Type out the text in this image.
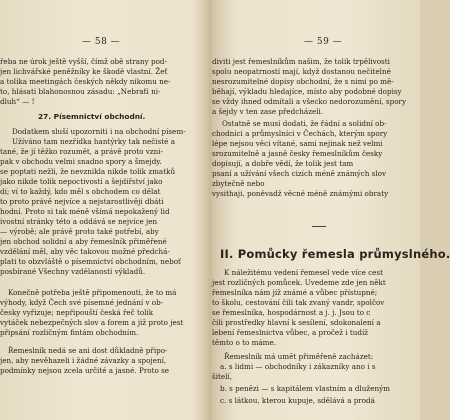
— 58 —
řeba ne úrok ještě vyšší, čímž obě strany pod-
jen lichvářské peněžníky ke škodě vlastní. Žeť
a tolika meetingách českých někdy nikomu ne-
to, hlásati blahonosnou zásadu: „Nebraťi ni-
dluh“ — !
27. Písemnictví obchodní.
Dodatkem sluší upozorniti i na obchodní písem-
Užíváno tam nezřídka hantýrky tak nečisté a
tané, že jí těžko rozumět, a právě proto vzni-
pak v obchodu velmi snadno spory a šmejdy.
se poptati nežli, že nevznikla nikde tolik zmatků
jako nikde tolik nepoctivostí a šejdířství jako
dí; ví to každý, kdo měl s obchodem co dělat
to proto právě nejvíce a nejstarostlivěji dbáti
hodní. Proto si tak méně všímá nepokažený lid
ivostní stránky této a oddává se nejvíce jen
— výrobě; ale právě proto také potřebí, aby
jen obchod solidní a aby řemeslník přiměřené
vzdělání měl, aby věc takovou možné předchá-
plati to obzvláště o písemnictví obchodním, neboť
posbírané Všechny vzdělaností výkladů.
Konečně potřeba ještě připomenouti, že to má
výhody, když Čech své písemné jednání v ob-
česky vyřizuje; nepřipouští česká řeč tolik
vytáček nebezpečných slov a forem a již proto jest
připsání rozličným fintám obchodním.
Řemeslník nedá se ani dost důkladně připo-
jen, aby nevěhazeli i žádné závazky a spojení,
podmínky nejsou zcela určité a jasné. Proto se
— 59 —
diviti jest řemeslníkům našim, že tolik trpělivosti
spolu neopatrností mají, když dostanou nečitelné
nesrozumitelné dopisy obchodní, že s nimi po mě-
běhají, výkladu hledajíce, místo aby podobné dopisy
se vždy ihned odmítali a všecko nedorozumění, spory
a šejdy v ten zase předcházeli.
Ostatně se musí dodati, že řádní a solidní ob-
chodníci a průmyslníci v Čechách, kterým spory
lépe nejsou věci vítané, sami nejinak než velmi
srozumitelně a jasně česky řemeslníkům česky
dopisují, a dobře vědí, že tolik jest tam
psaní a užívání všech cizích méně známých slov
zbytečně nebo
vysithaji, poněvadž věcné méně známými obraty
II. Pomůcky řemesla průmyslného.
K náležitému vedení řemesel vede více cest
jest rozličných pomůcek. Uvedeme zde jen někt
řemeslníka nám jíž známé a vůbec přístupné;
to školu, cestování čili tak zvaný vandr, spolčov
se řemeslníka, hospodárnost a j. j. Jsou to c
čili prostředky hlavní k sesílení, sdokonalení a
lebení řemeslnictva vůbec, a pročež i tudíž
těmto o to máme.
Řemeslník má umět přiměřeně zacházet:
a. s lidmi — obchodníky i zákazníky ano i s
šitelí,
b. s penězi — s kapitálem vlastním a dluženým
c. s látkou, kterou kupuje, sdělává a prodá
